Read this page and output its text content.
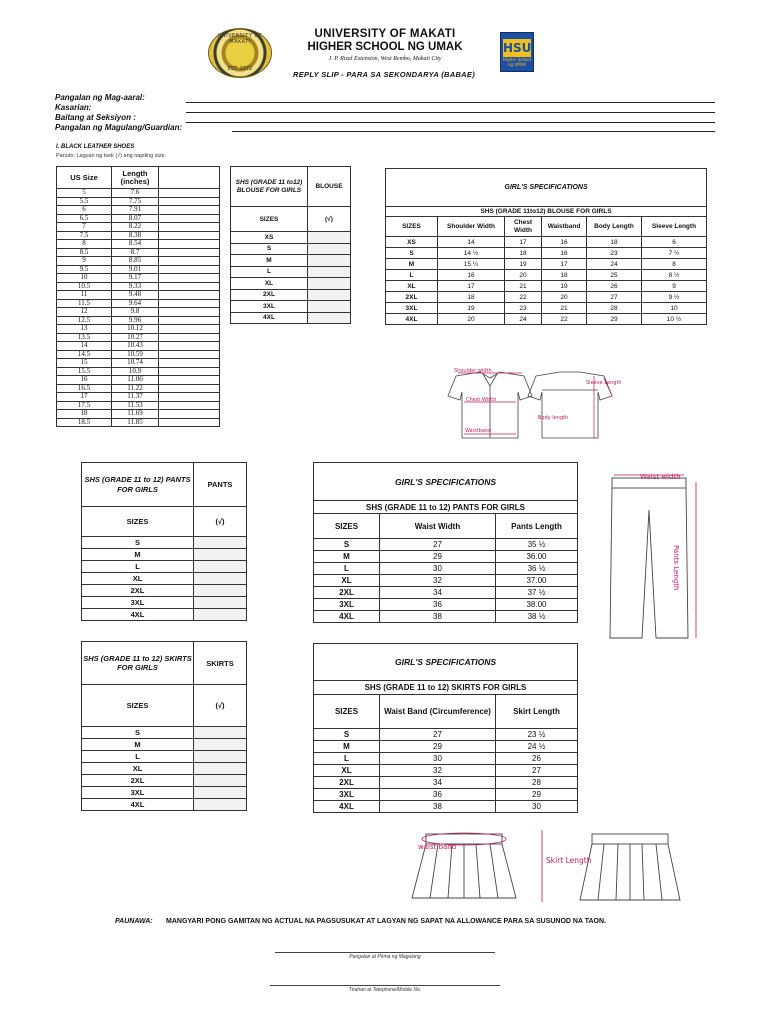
UNIVERSITY OF MAKATI
EST. 1972
UNIVERSITY OF MAKATI
HIGHER SCHOOL NG UMAK
J. P. Rizal Extension, West Rembo, Makati City
HSU
Higher School ng UMAK
REPLY SLIP - PARA SA SEKONDARYA (BABAE)
Pangalan ng Mag-aaral:
Kasarian:
Baitang at Seksiyon :
Pangalan ng Magulang/Guardian:
I. BLACK LEATHER SHOES
Panuto: Lagyan ng tsek (√) ang napiling size.
US Size	Length (inches)	
5	7.6	
5.5	7.75	
6	7.91	
6.5	8.07	
7	8.22	
7.5	8.38	
8	8.54	
8.5	8.7	
9	8.85	
9.5	9.01	
10	9.17	
10.5	9.33	
11	9.48	
11.5	9.64	
12	9.8	
12.5	9.96	
13	10.12	
13.5	10.27	
14	10.43	
14.5	10.59	
15	10.74	
15.5	10.9	
16	11.06	
16.5	11.22	
17	11.37	
17.5	11.53	
18	11.69	
18.5	11.85	
SHS (GRADE 11 to12) BLOUSE FOR GIRLS	BLOUSE
SIZES	(√)
XS	
S	
M	
L	
XL	
2XL	
3XL	
4XL	
GIRL'S SPECIFICATIONS					
SHS (GRADE 11to12) BLOUSE FOR GIRLS					
SIZES	Shoulder Width	Chest Width	Waistband	Body Length	Sleeve Length
XS	14	17	16	18	6
S	14 ½	18	16	23	7 ½
M	15 ¼	19	17	24	8
L	16	20	18	25	8 ½
XL	17	21	19	26	9
2XL	18	22	20	27	9 ½
3XL	19	23	21	28	10
4XL	20	24	22	29	10 ½
Shoulder width
Chest Width
Waistband
Sleeve Length
Body length
SHS (GRADE 11 to 12) PANTS FOR GIRLS	PANTS
SIZES	(√)
S	
M	
L	
XL	
2XL	
3XL	
4XL	
GIRL'S SPECIFICATIONS		
SHS (GRADE 11 to 12) PANTS FOR GIRLS		
SIZES	Waist Width	Pants Length
S	27	35 ½
M	29	36.00
L	30	36 ½
XL	32	37.00
2XL	34	37 ½
3XL	36	38.00
4XL	38	38 ½
Waist width
Pants Length
SHS (GRADE 11 to 12) SKIRTS FOR GIRLS	SKIRTS
SIZES	(√)
S	
M	
L	
XL	
2XL	
3XL	
4XL	
GIRL'S SPECIFICATIONS		
SHS (GRADE 11 to 12) SKIRTS FOR GIRLS		
SIZES	Waist Band (Circumference)	Skirt Length
S	27	23 ½
M	29	24 ½
L	30	26
XL	32	27
2XL	34	28
3XL	36	29
4XL	38	30
waist band
Skirt Length
PAUNAWA: MANGYARI PONG GAMITAN NG ACTUAL NA PAGSUSUKAT AT LAGYAN NG SAPAT NA ALLOWANCE PARA SA SUSUNOD NA TAON.
Pangalan at Pirma ng Magulang
Tirahan at Telephone/Mobile No.
